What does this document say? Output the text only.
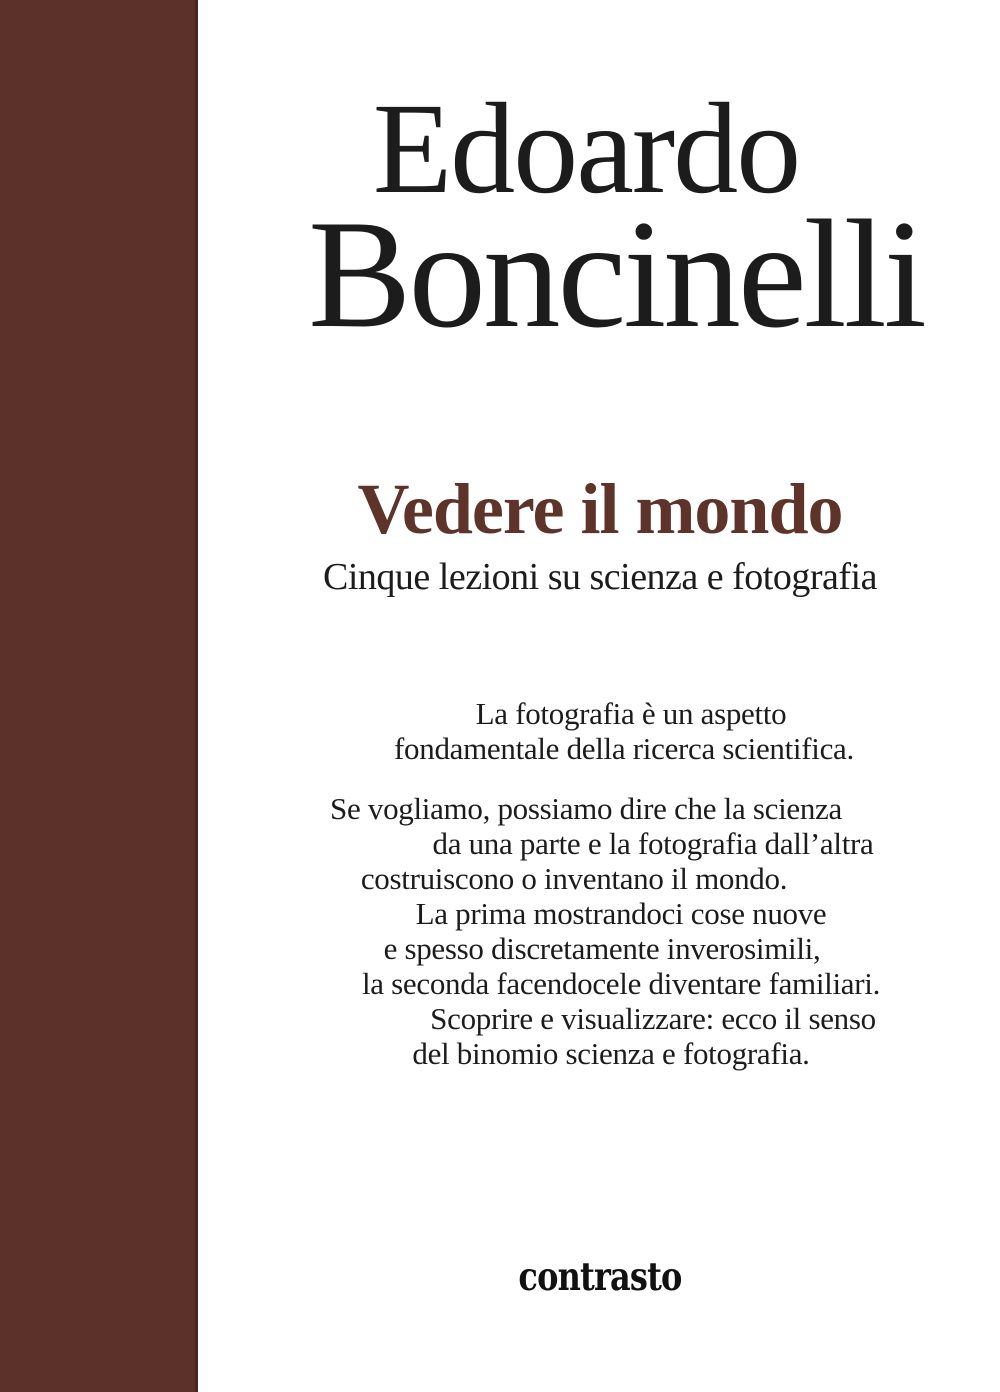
Edoardo
Boncinelli
Vedere il mondo
Cinque lezioni su scienza e fotografia
La fotografia è un aspetto
fondamentale della ricerca scientifica.
Se vogliamo, possiamo dire che la scienza
da una parte e la fotografia dall’altra
costruiscono o inventano il mondo.
La prima mostrandoci cose nuove
e spesso discretamente inverosimili,
la seconda facendocele diventare familiari.
Scoprire e visualizzare: ecco il senso
del binomio scienza e fotografia.
contrasto
